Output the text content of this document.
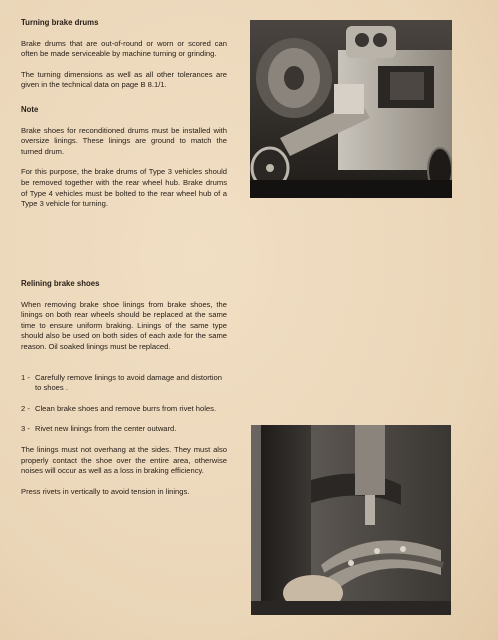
Turning brake drums

Brake drums that are out-of-round or worn or scored can often be made serviceable by machine turning or grinding.

The turning dimensions as well as all other tolerances are given in the technical data on page B 8.1/1.

Note

Brake shoes for reconditioned drums must be installed with oversize linings. These linings are ground to match the turned drum.

For this purpose, the brake drums of Type 3 vehicles should be removed together with the rear wheel hub. Brake drums of Type 4 vehicles must be bolted to the rear wheel hub of a Type 3 vehicle for turning.

Relining brake shoes

When removing brake shoe linings from brake shoes, the linings on both rear wheels should be replaced at the same time to ensure uniform braking. Linings of the same type should also be used on both sides of each axle for the same reason. Oil soaked linings must be replaced.

1 - Carefully remove linings to avoid damage and distortion to shoes .
2 - Clean brake shoes and remove burrs from rivet holes.
3 - Rivet new linings from the center outward.

The linings must not overhang at the sides. They must also properly contact the shoe over the entire area, otherwise noises will occur as well as a loss in braking efficiency.

Press rivets in vertically to avoid tension in linings.
